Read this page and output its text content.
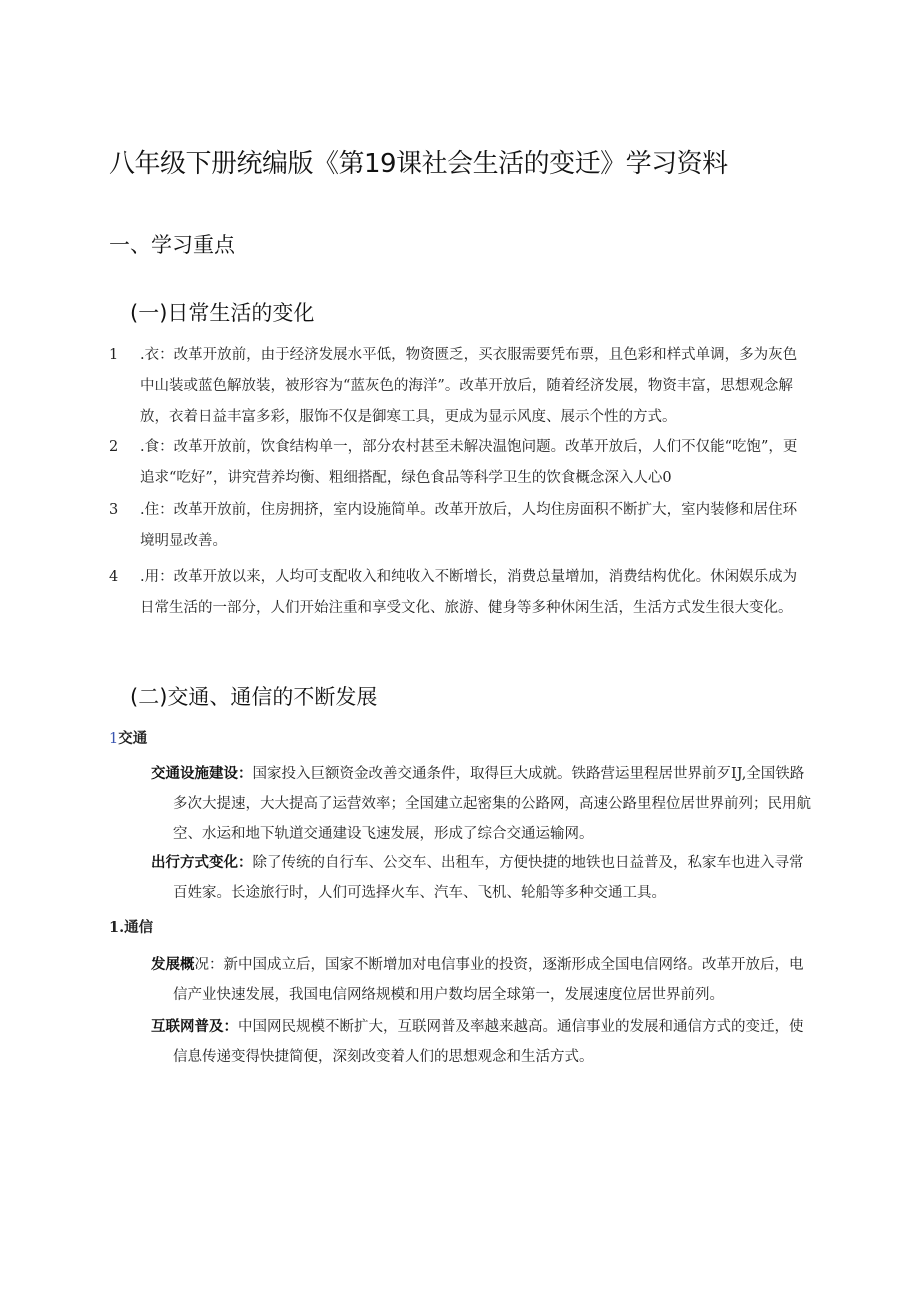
八年级下册统编版《第19课社会生活的变迁》学习资料
一、学习重点
(一)日常生活的变化
1	.衣：改革开放前，由于经济发展水平低，物资匮乏，买衣服需要凭布票，且色彩和样式单调，多为灰色中山装或蓝色解放装，被形容为“蓝灰色的海洋”。改革开放后，随着经济发展，物资丰富，思想观念解放，衣着日益丰富多彩，服饰不仅是御寒工具，更成为显示风度、展示个性的方式。
2	.食：改革开放前，饮食结构单一，部分农村甚至未解决温饱问题。改革开放后，人们不仅能“吃饱”，更追求“吃好”，讲究营养均衡、粗细搭配，绿色食品等科学卫生的饮食概念深入人心0
3	.住：改革开放前，住房拥挤，室内设施简单。改革开放后，人均住房面积不断扩大，室内装修和居住环境明显改善。
4	.用：改革开放以来，人均可支配收入和纯收入不断增长，消费总量增加，消费结构优化。休闲娱乐成为日常生活的一部分，人们开始注重和享受文化、旅游、健身等多种休闲生活，生活方式发生很大变化。
(二)交通、通信的不断发展
1交通
交通设施建设：国家投入巨额资金改善交通条件，取得巨大成就。铁路营运里程居世界前歹IJ,全国铁路多次大提速，大大提高了运营效率；全国建立起密集的公路网，高速公路里程位居世界前列；民用航空、水运和地下轨道交通建设飞速发展，形成了综合交通运输网。
出行方式变化：除了传统的自行车、公交车、出租车，方便快捷的地铁也日益普及，私家车也进入寻常百姓家。长途旅行时，人们可选择火车、汽车、飞机、轮船等多种交通工具。
1.通信
发展概况：新中国成立后，国家不断增加对电信事业的投资，逐渐形成全国电信网络。改革开放后，电信产业快速发展，我国电信网络规模和用户数均居全球第一，发展速度位居世界前列。
互联网普及：中国网民规模不断扩大，互联网普及率越来越高。通信事业的发展和通信方式的变迁，使信息传递变得快捷简便，深刻改变着人们的思想观念和生活方式。
